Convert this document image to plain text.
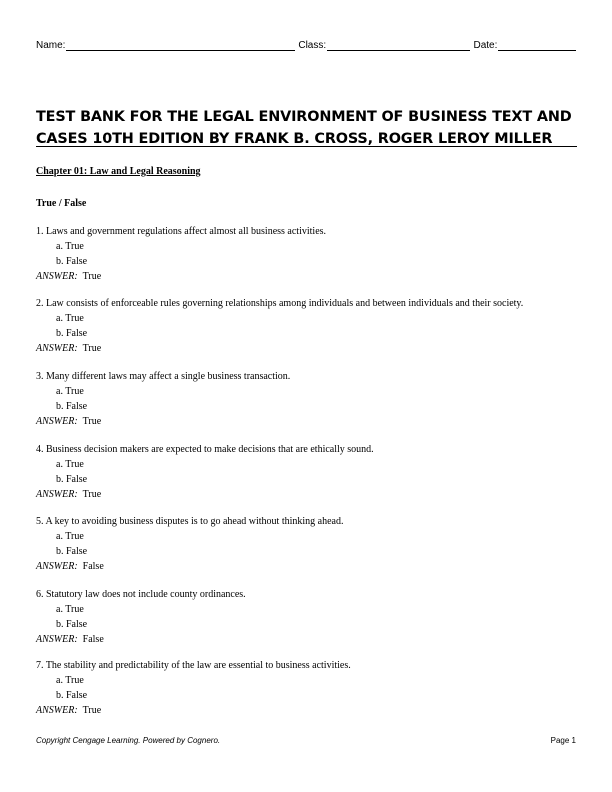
Name:	Class:	Date:
TEST BANK FOR THE LEGAL ENVIRONMENT OF BUSINESS TEXT AND
CASES 10TH EDITION BY FRANK B. CROSS, ROGER LEROY MILLER
Chapter 01: Law and Legal Reasoning
True / False
1. Laws and government regulations affect almost all business activities.
a. True
b. False
ANSWER: True
2. Law consists of enforceable rules governing relationships among individuals and between individuals and their society.
a. True
b. False
ANSWER: True
3. Many different laws may affect a single business transaction.
a. True
b. False
ANSWER: True
4. Business decision makers are expected to make decisions that are ethically sound.
a. True
b. False
ANSWER: True
5. A key to avoiding business disputes is to go ahead without thinking ahead.
a. True
b. False
ANSWER: False
6. Statutory law does not include county ordinances.
a. True
b. False
ANSWER: False
7. The stability and predictability of the law are essential to business activities.
a. True
b. False
ANSWER: True
Copyright Cengage Learning. Powered by Cognero.	Page 1
